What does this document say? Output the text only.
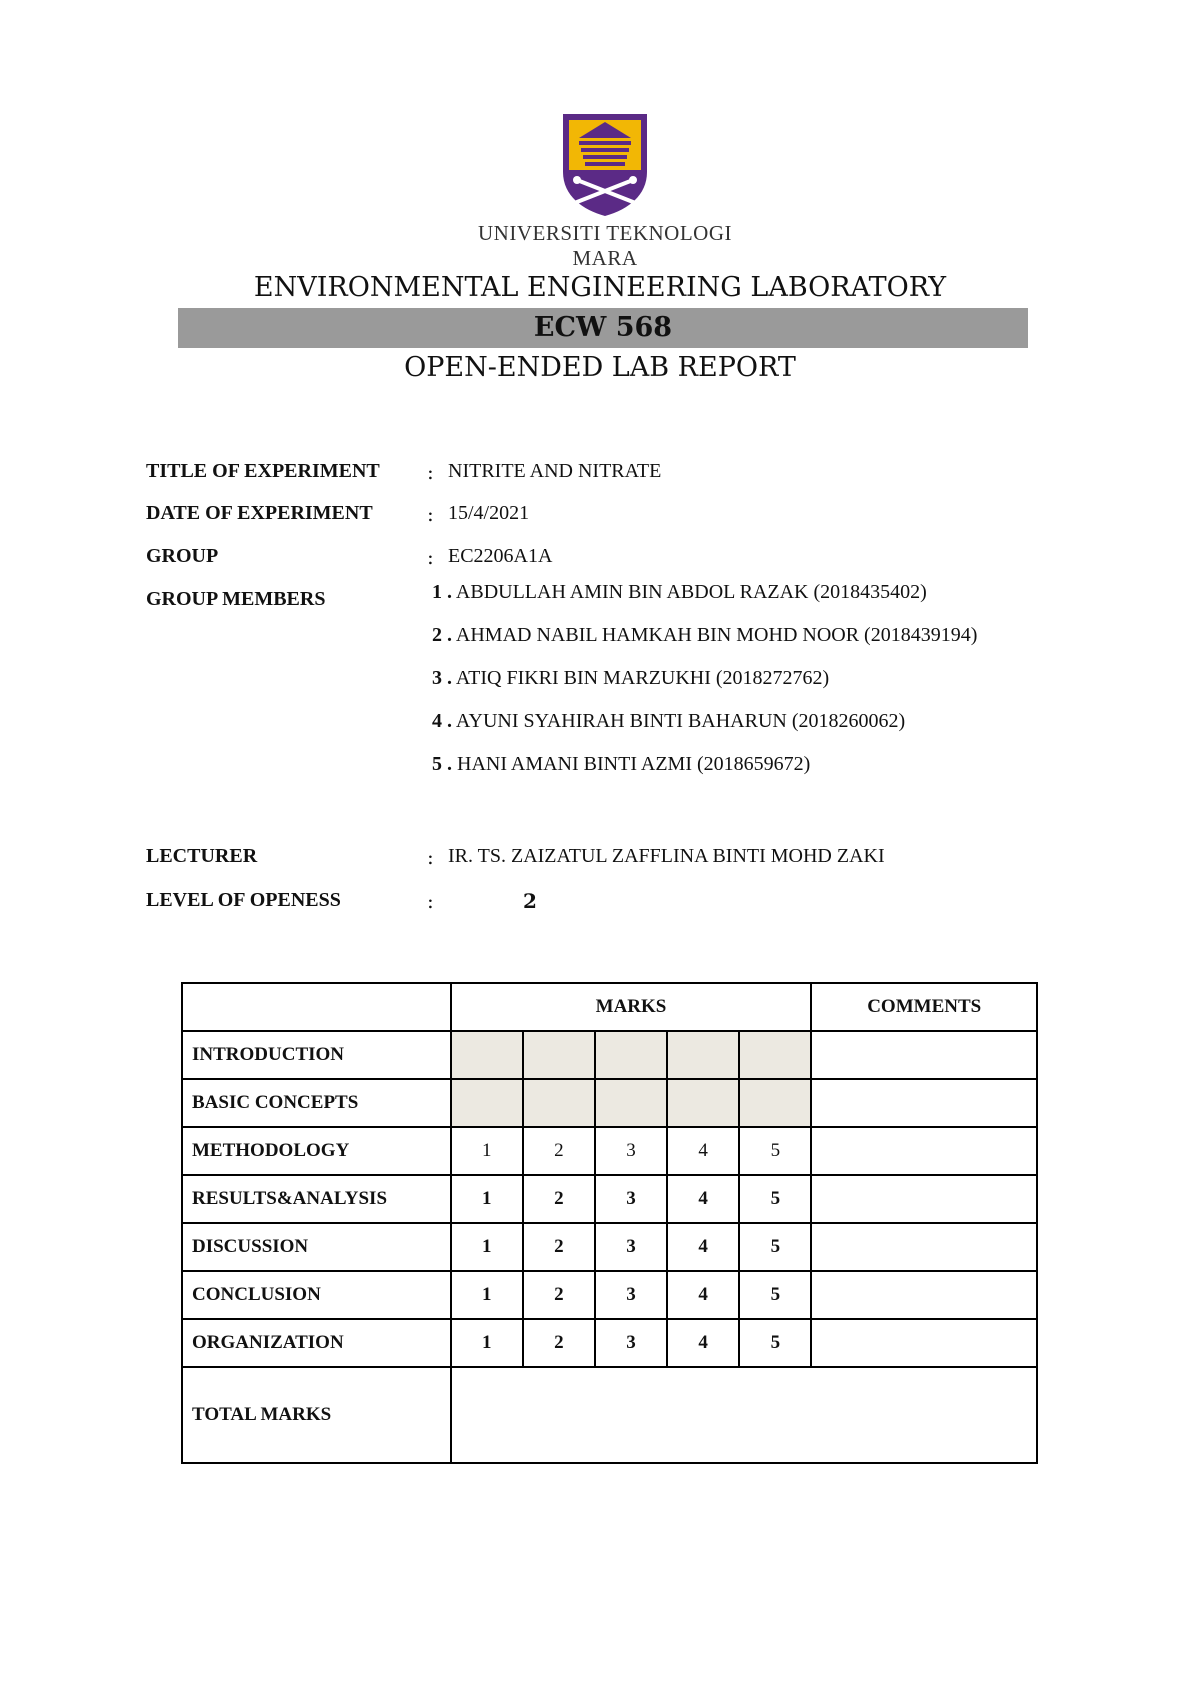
UNIVERSITI TEKNOLOGI MARA
ENVIRONMENTAL ENGINEERING LABORATORY
ECW 568
OPEN-ENDED LAB REPORT
TITLE OF EXPERIMENT : NITRITE AND NITRATE
DATE OF EXPERIMENT	: 15/4/2021
GROUP	: EC2206A1A
GROUP MEMBERS	1 . ABDULLAH AMIN BIN ABDOL RAZAK (2018435402)
2 . AHMAD NABIL HAMKAH BIN MOHD NOOR (2018439194)
3 . ATIQ FIKRI BIN MARZUKHI (2018272762)
4 . AYUNI SYAHIRAH BINTI BAHARUN (2018260062)
5 . HANI AMANI BINTI AZMI (2018659672)
LECTURER	: IR. TS. ZAIZATUL ZAFFLINA BINTI MOHD ZAKI
LEVEL OF OPENESS	:	2
	MARKS					COMMENTS
INTRODUCTION						
BASIC CONCEPTS						
METHODOLOGY	1	2	3	4	5	
RESULTS&ANALYSIS	1	2	3	4	5	
DISCUSSION	1	2	3	4	5	
CONCLUSION	1	2	3	4	5	
ORGANIZATION	1	2	3	4	5	
TOTAL MARKS						
